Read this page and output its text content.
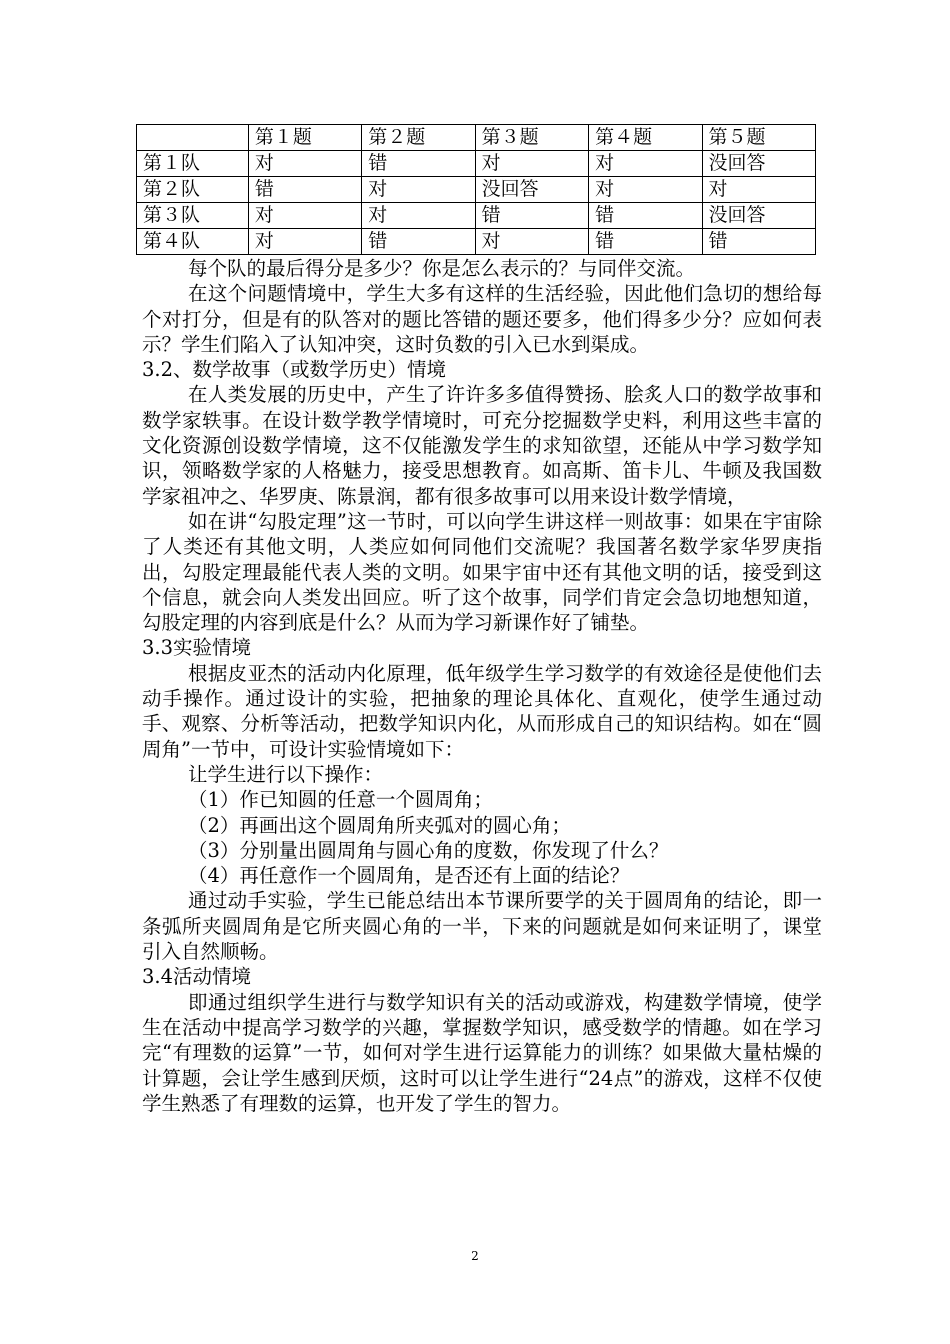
	第１题	第２题	第３题	第４题	第５题
第１队	对	错	对	对	没回答
第２队	错	对	没回答	对	对
第３队	对	对	错	错	没回答
第４队	对	错	对	错	错

每个队的最后得分是多少？你是怎么表示的？与同伴交流。

在这个问题情境中，学生大多有这样的生活经验，因此他们急切的想给每个对打分，但是有的队答对的题比答错的题还要多，他们得多少分？应如何表示？学生们陷入了认知冲突，这时负数的引入已水到渠成。

3.2、数学故事（或数学历史）情境

在人类发展的历史中，产生了许许多多值得赞扬、脍炙人口的数学故事和数学家轶事。在设计数学教学情境时，可充分挖掘数学史料，利用这些丰富的文化资源创设数学情境，这不仅能激发学生的求知欲望，还能从中学习数学知识，领略数学家的人格魅力，接受思想教育。如高斯、笛卡儿、牛顿及我国数学家祖冲之、华罗庚、陈景润，都有很多故事可以用来设计数学情境，

如在讲“勾股定理”这一节时，可以向学生讲这样一则故事：如果在宇宙除了人类还有其他文明，人类应如何同他们交流呢？我国著名数学家华罗庚指出，勾股定理最能代表人类的文明。如果宇宙中还有其他文明的话，接受到这个信息，就会向人类发出回应。听了这个故事，同学们肯定会急切地想知道，勾股定理的内容到底是什么？从而为学习新课作好了铺垫。

3.3实验情境

根据皮亚杰的活动内化原理，低年级学生学习数学的有效途径是使他们去动手操作。通过设计的实验，把抽象的理论具体化、直观化，使学生通过动手、观察、分析等活动，把数学知识内化，从而形成自己的知识结构。如在“圆周角”一节中，可设计实验情境如下：

让学生进行以下操作：

（1）作已知圆的任意一个圆周角；

（2）再画出这个圆周角所夹弧对的圆心角；

（3）分别量出圆周角与圆心角的度数，你发现了什么？

（4）再任意作一个圆周角，是否还有上面的结论？

通过动手实验，学生已能总结出本节课所要学的关于圆周角的结论，即一条弧所夹圆周角是它所夹圆心角的一半，下来的问题就是如何来证明了，课堂引入自然顺畅。

3.4活动情境

即通过组织学生进行与数学知识有关的活动或游戏，构建数学情境，使学生在活动中提高学习数学的兴趣，掌握数学知识，感受数学的情趣。如在学习完“有理数的运算”一节，如何对学生进行运算能力的训练？如果做大量枯燥的计算题，会让学生感到厌烦，这时可以让学生进行“24点”的游戏，这样不仅使学生熟悉了有理数的运算，也开发了学生的智力。

2
